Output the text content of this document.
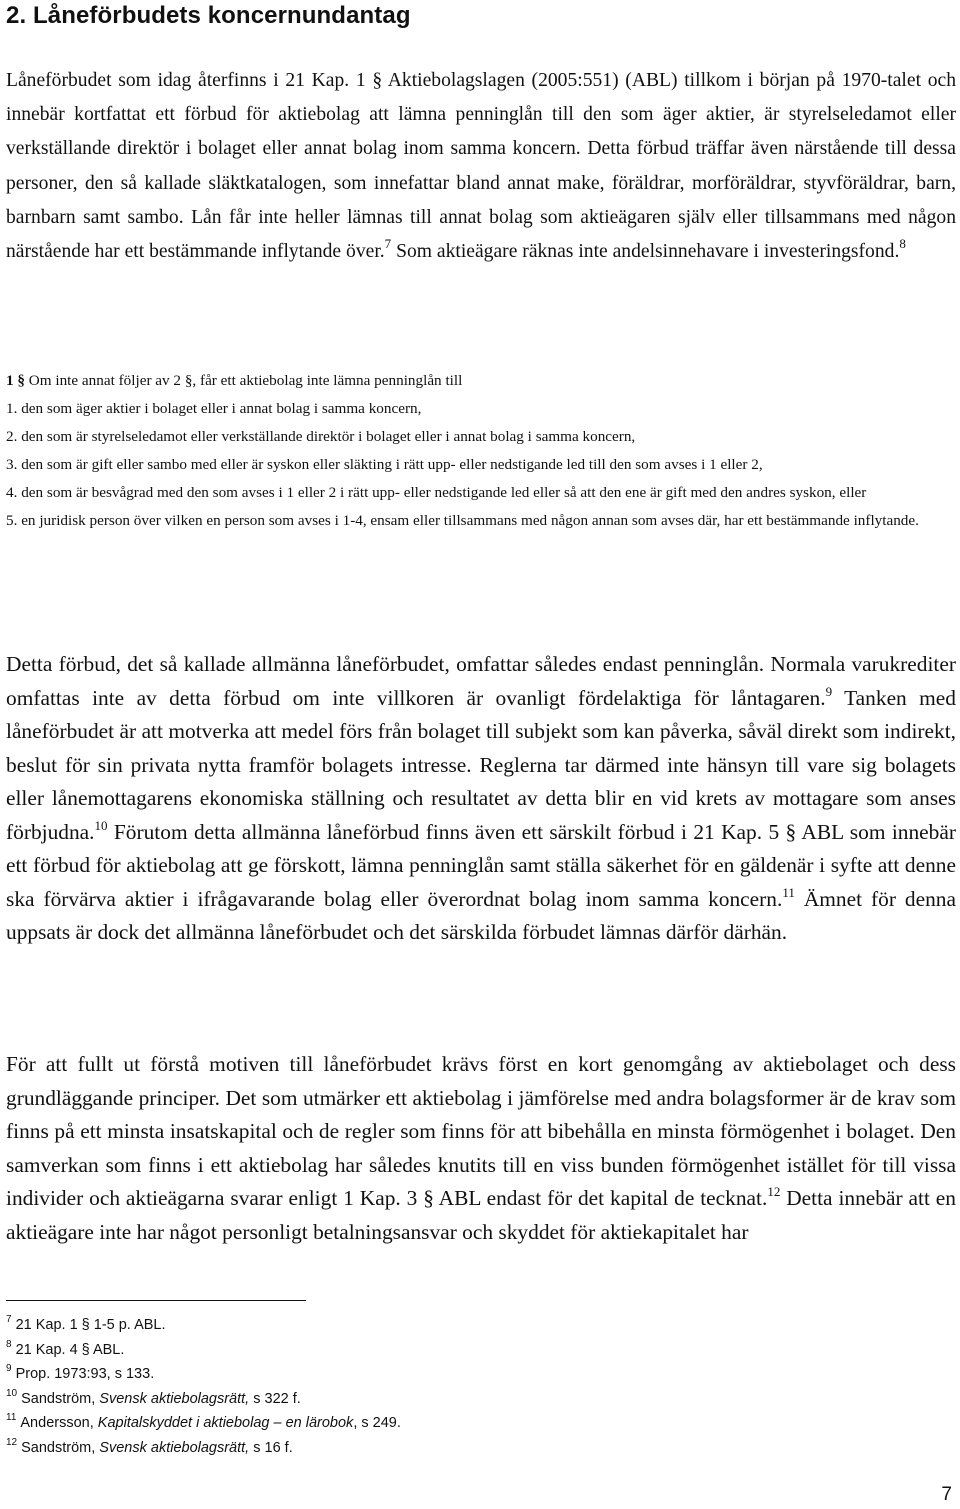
2. Låneförbudets koncernundantag

Låneförbudet som idag återfinns i 21 Kap. 1 § Aktiebolagslagen (2005:551) (ABL) tillkom i början på 1970-talet och innebär kortfattat ett förbud för aktiebolag att lämna penninglån till den som äger aktier, är styrelseledamot eller verkställande direktör i bolaget eller annat bolag inom samma koncern. Detta förbud träffar även närstående till dessa personer, den så kallade släktkatalogen, som innefattar bland annat make, föräldrar, morföräldrar, styvföräldrar, barn, barnbarn samt sambo. Lån får inte heller lämnas till annat bolag som aktieägaren själv eller tillsammans med någon närstående har ett bestämmande inflytande över.$^7$ Som aktieägare räknas inte andelsinnehavare i investeringsfond.$^8$

1 § Om inte annat följer av 2 §, får ett aktiebolag inte lämna penninglån till

1. den som äger aktier i bolaget eller i annat bolag i samma koncern,

2. den som är styrelseledamot eller verkställande direktör i bolaget eller i annat bolag i samma koncern,

3. den som är gift eller sambo med eller är syskon eller släkting i rätt upp- eller nedstigande led till den som avses i 1 eller 2,

4. den som är besvågrad med den som avses i 1 eller 2 i rätt upp- eller nedstigande led eller så att den ene är gift med den andres syskon, eller

5. en juridisk person över vilken en person som avses i 1-4, ensam eller tillsammans med någon annan som avses där, har ett bestämmande inflytande.

Detta förbud, det så kallade allmänna låneförbudet, omfattar således endast penninglån. Normala varukrediter omfattas inte av detta förbud om inte villkoren är ovanligt fördelaktiga för låntagaren.$^9$ Tanken med låneförbudet är att motverka att medel förs från bolaget till subjekt som kan påverka, såväl direkt som indirekt, beslut för sin privata nytta framför bolagets intresse. Reglerna tar därmed inte hänsyn till vare sig bolagets eller lånemottagarens ekonomiska ställning och resultatet av detta blir en vid krets av mottagare som anses förbjudna.$^{10}$ Förutom detta allmänna låneförbud finns även ett särskilt förbud i 21 Kap. 5 § ABL som innebär ett förbud för aktiebolag att ge förskott, lämna penninglån samt ställa säkerhet för en gäldenär i syfte att denne ska förvärva aktier i ifrågavarande bolag eller överordnat bolag inom samma koncern.$^{11}$ Ämnet för denna uppsats är dock det allmänna låneförbudet och det särskilda förbudet lämnas därför därhän.

För att fullt ut förstå motiven till låneförbudet krävs först en kort genomgång av aktiebolaget och dess grundläggande principer. Det som utmärker ett aktiebolag i jämförelse med andra bolagsformer är de krav som finns på ett minsta insatskapital och de regler som finns för att bibehålla en minsta förmögenhet i bolaget. Den samverkan som finns i ett aktiebolag har således knutits till en viss bunden förmögenhet istället för till vissa individer och aktieägarna svarar enligt 1 Kap. 3 § ABL endast för det kapital de tecknat.$^{12}$ Detta innebär att en aktieägare inte har något personligt betalningsansvar och skyddet för aktiekapitalet har

$^7$ 21 Kap. 1 § 1-5 p. ABL.

$^8$ 21 Kap. 4 § ABL.

$^9$ Prop. 1973:93, s 133.

$^{10}$ Sandström, Svensk aktiebolagsrätt, s 322 f.

$^{11}$ Andersson, Kapitalskyddet i aktiebolag – en lärobok, s 249.

$^{12}$ Sandström, Svensk aktiebolagsrätt, s 16 f.

7
